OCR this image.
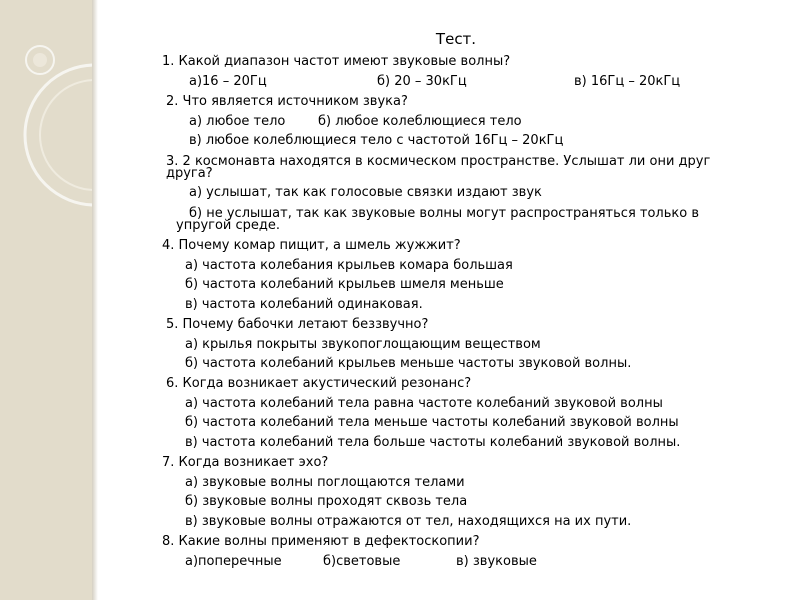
Тест.
1. Какой диапазон частот имеют звуковые волны?
а)16 – 20Гц	б) 20 – 30кГц	в) 16Гц – 20кГц
2. Что является источником звука?
а) любое тело	б) любое колеблющиеся тело
в) любое колеблющиеся тело с частотой 16Гц – 20кГц
3. 2 космонавта находятся в космическом пространстве. Услышат ли они друг
друга?
а) услышат, так как голосовые связки издают звук
б) не услышат, так как звуковые волны могут распространяться только в
упругой среде.
4. Почему комар пищит, а шмель жужжит?
а) частота колебания крыльев комара большая
б) частота колебаний крыльев шмеля меньше
в) частота колебаний одинаковая.
5. Почему бабочки летают беззвучно?
а) крылья покрыты звукопоглощающим веществом
б) частота колебаний крыльев меньше частоты звуковой волны.
6. Когда возникает акустический резонанс?
а) частота колебаний тела равна частоте колебаний звуковой волны
б) частота колебаний тела меньше частоты колебаний звуковой волны
в) частота колебаний тела больше частоты колебаний звуковой волны.
7. Когда возникает эхо?
а) звуковые волны поглощаются телами
б) звуковые волны проходят сквозь тела
в) звуковые волны отражаются от тел, находящихся на их пути.
8. Какие волны применяют в дефектоскопии?
а)поперечные	б)световые	в) звуковые
